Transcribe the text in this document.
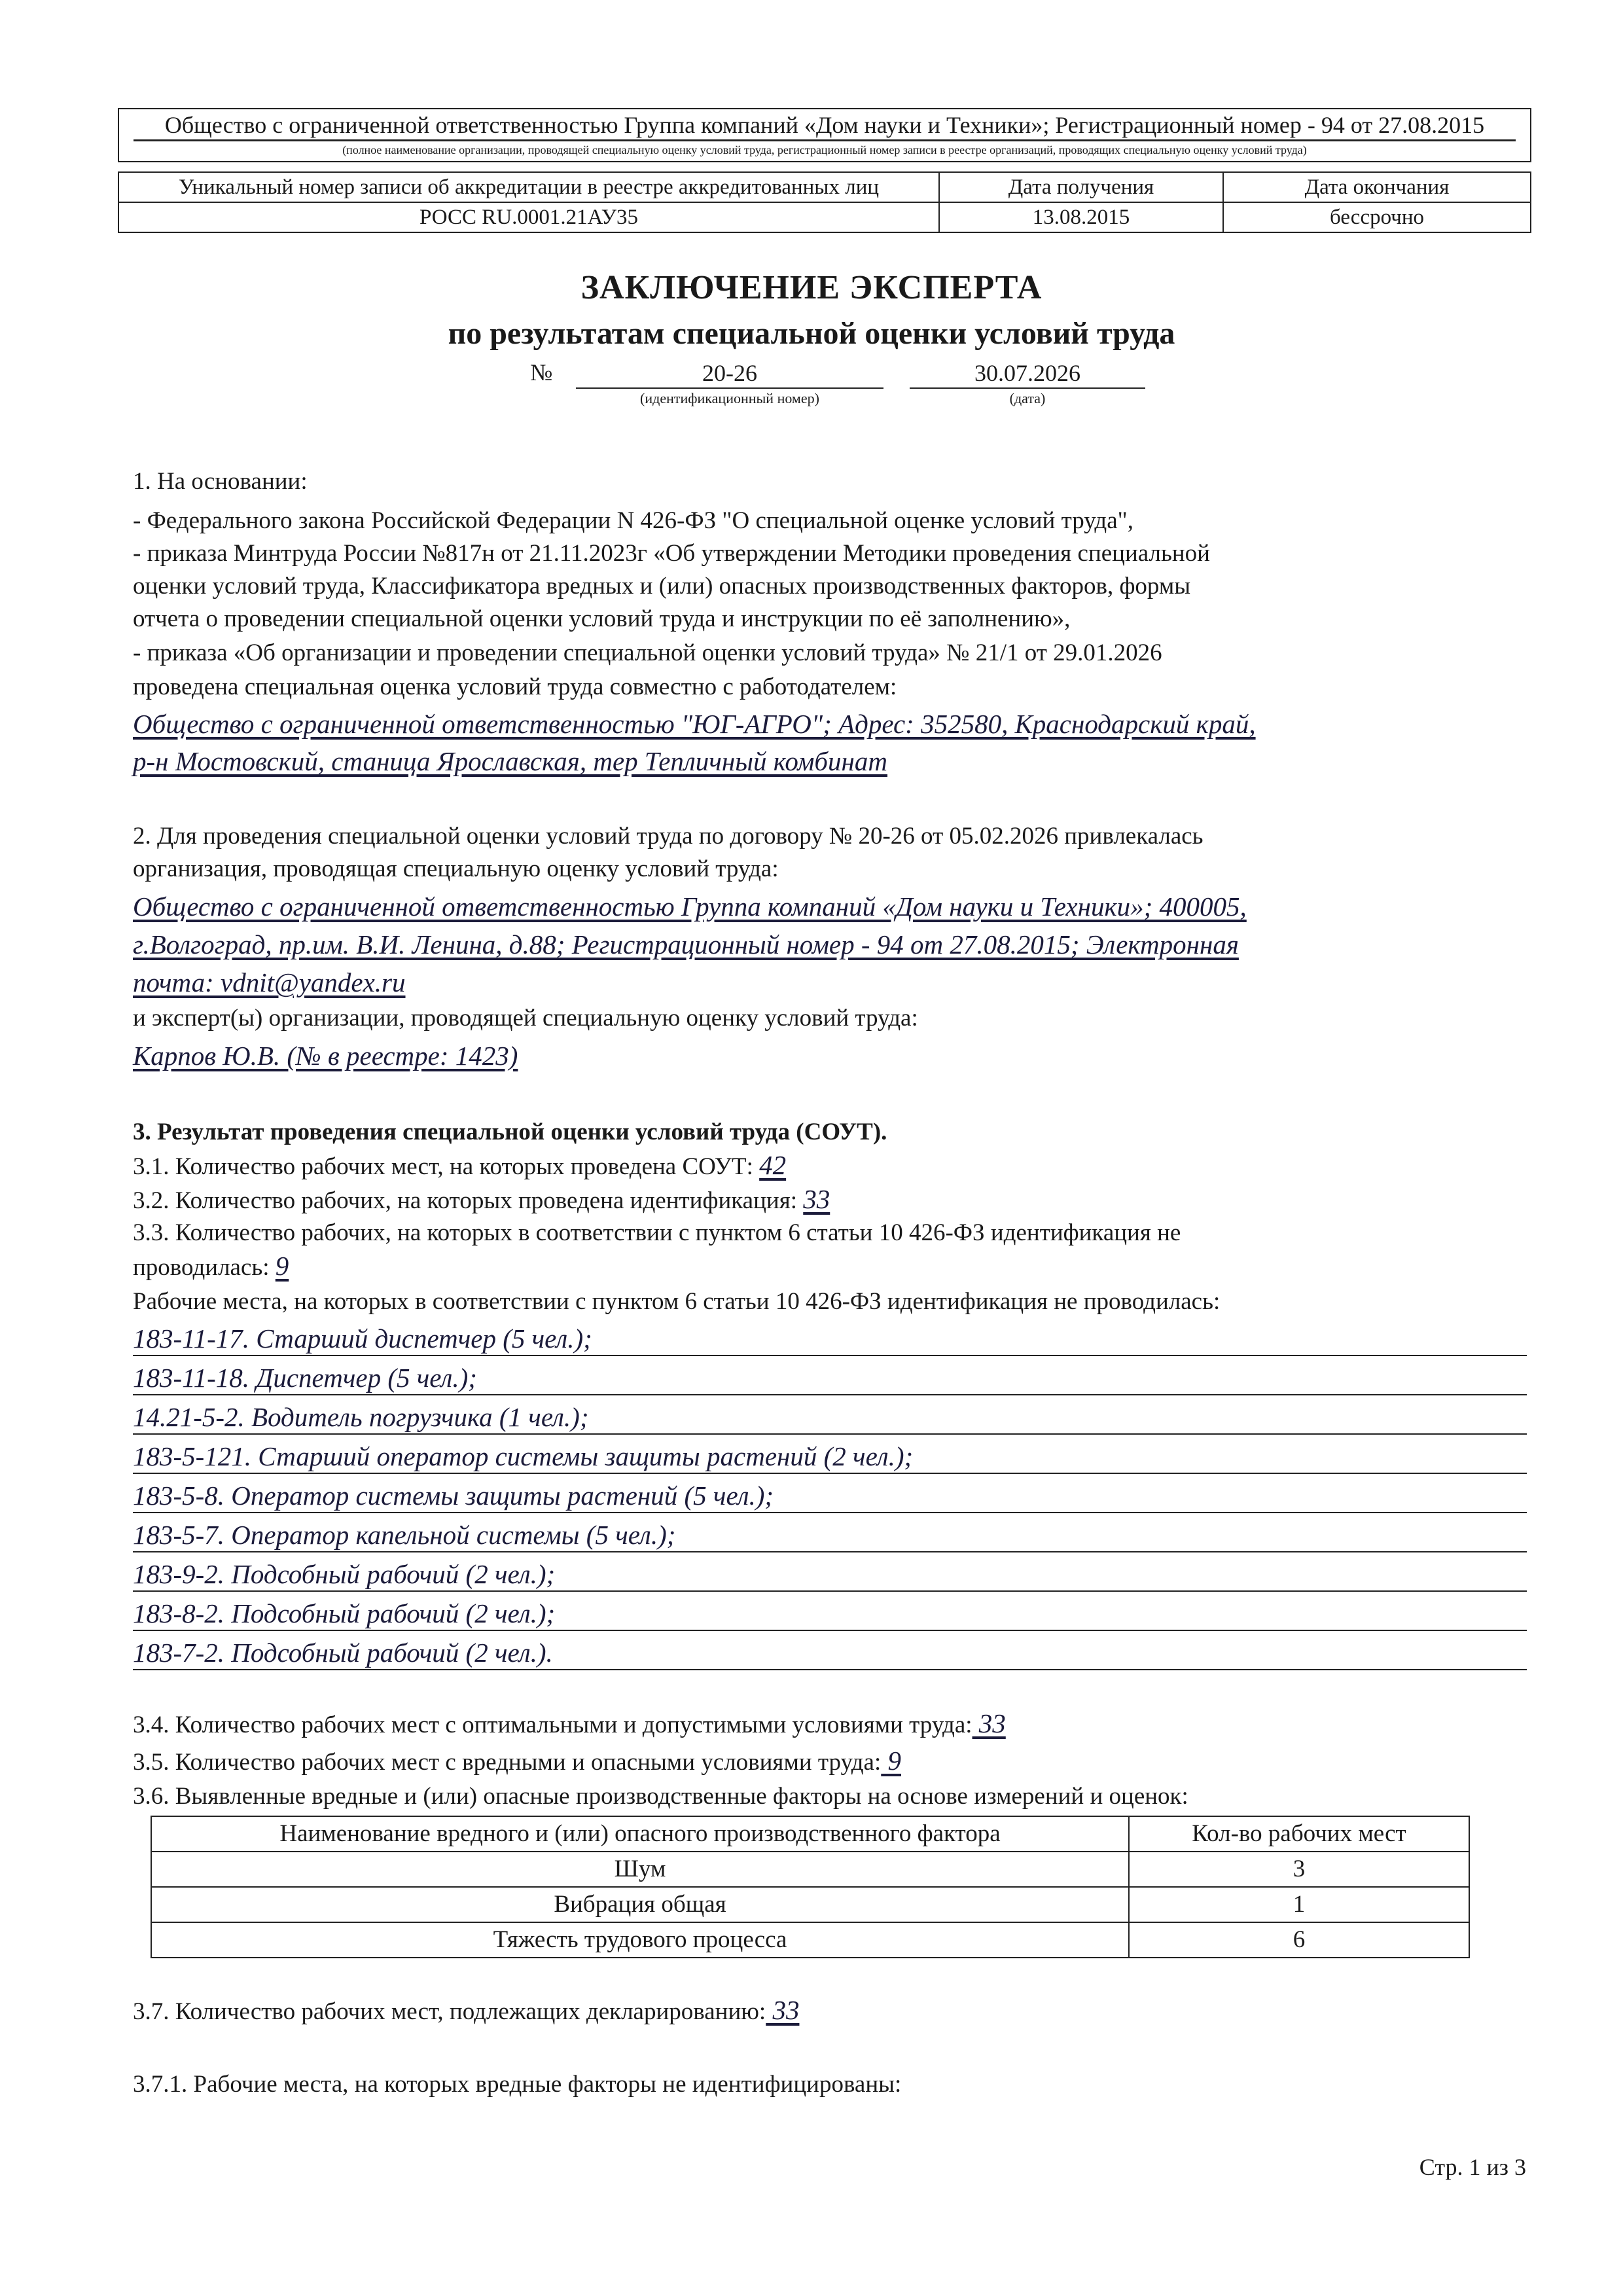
Общество с ограниченной ответственностью Группа компаний «Дом науки и Техники»; Регистрационный номер - 94 от 27.08.2015
(полное наименование организации, проводящей специальную оценку условий труда, регистрационный номер записи в реестре организаций, проводящих специальную оценку условий труда)
Уникальный номер записи об аккредитации в реестре аккредитованных лиц	Дата получения	Дата окончания
РОСС RU.0001.21АУ35	13.08.2015	бессрочно
ЗАКЛЮЧЕНИЕ ЭКСПЕРТА
по результатам специальной оценки условий труда
№	20-26	30.07.2026
(идентификационный номер)	(дата)
1. На основании:
- Федерального закона Российской Федерации N 426-ФЗ "О специальной оценке условий труда",
- приказа Минтруда России №817н от 21.11.2023г «Об утверждении Методики проведения специальной
оценки условий труда, Классификатора вредных и (или) опасных производственных факторов, формы
отчета о проведении специальной оценки условий труда и инструкции по её заполнению»,
- приказа «Об организации и проведении специальной оценки условий труда» № 21/1 от 29.01.2026
проведена специальная оценка условий труда совместно с работодателем:
Общество с ограниченной ответственностью "ЮГ-АГРО"; Адрес: 352580, Краснодарский край,
р-н Мостовский, станица Ярославская, тер Тепличный комбинат
2. Для проведения специальной оценки условий труда по договору № 20-26 от 05.02.2026 привлекалась
организация, проводящая специальную оценку условий труда:
Общество с ограниченной ответственностью Группа компаний «Дом науки и Техники»; 400005,
г.Волгоград, пр.им. В.И. Ленина, д.88; Регистрационный номер - 94 от 27.08.2015; Электронная
почта: vdnit@yandex.ru
и эксперт(ы) организации, проводящей специальную оценку условий труда:
Карпов Ю.В. (№ в реестре: 1423)
3. Результат проведения специальной оценки условий труда (СОУТ).
3.1. Количество рабочих мест, на которых проведена СОУТ: 42
3.2. Количество рабочих, на которых проведена идентификация: 33
3.3. Количество рабочих, на которых в соответствии с пунктом 6 статьи 10 426-ФЗ идентификация не
проводилась: 9
Рабочие места, на которых в соответствии с пунктом 6 статьи 10 426-ФЗ идентификация не проводилась:
183-11-17. Старший диспетчер (5 чел.);
183-11-18. Диспетчер (5 чел.);
14.21-5-2. Водитель погрузчика (1 чел.);
183-5-121. Старший оператор системы защиты растений (2 чел.);
183-5-8. Оператор системы защиты растений (5 чел.);
183-5-7. Оператор капельной системы (5 чел.);
183-9-2. Подсобный рабочий (2 чел.);
183-8-2. Подсобный рабочий (2 чел.);
183-7-2. Подсобный рабочий (2 чел.).
3.4. Количество рабочих мест с оптимальными и допустимыми условиями труда: 33
3.5. Количество рабочих мест с вредными и опасными условиями труда: 9
3.6. Выявленные вредные и (или) опасные производственные факторы на основе измерений и оценок:
Наименование вредного и (или) опасного производственного фактора	Кол-во рабочих мест
Шум	3
Вибрация общая	1
Тяжесть трудового процесса	6
3.7. Количество рабочих мест, подлежащих декларированию: 33
3.7.1. Рабочие места, на которых вредные факторы не идентифицированы:
Стр. 1 из 3
